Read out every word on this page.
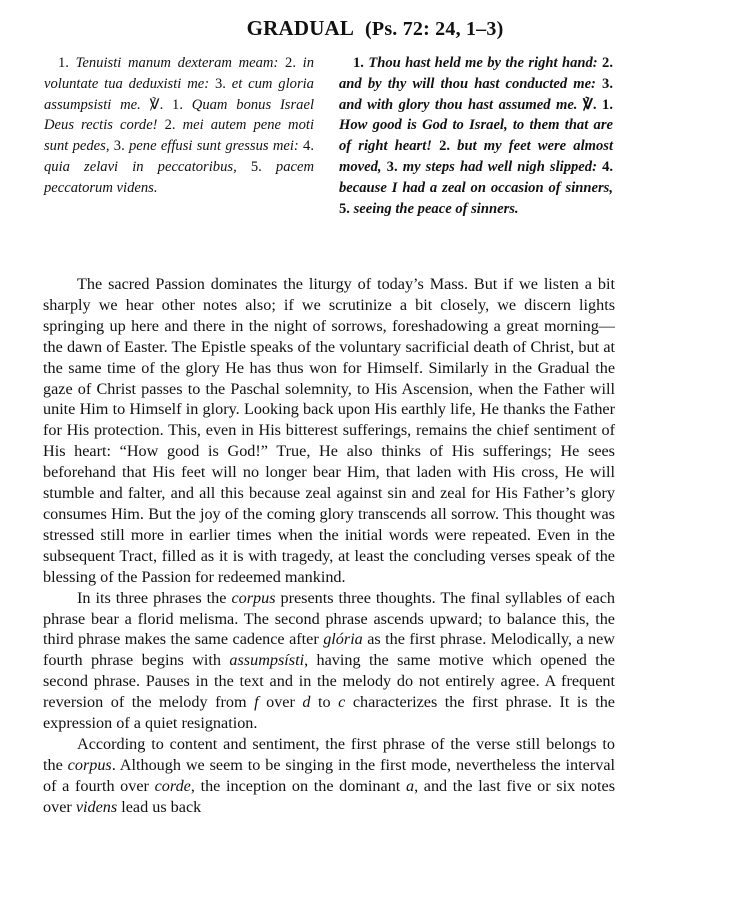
GRADUAL (Ps. 72: 24, 1–3)
1. Tenuisti manum dexteram meam: 2. in voluntate tua deduxisti me: 3. et cum gloria assumpsisti me. ℣. 1. Quam bonus Israel Deus rectis corde! 2. mei autem pene moti sunt pedes, 3. pene effusi sunt gressus mei: 4. quia zelavi in peccatoribus, 5. pacem peccatorum videns.
1. Thou hast held me by the right hand: 2. and by thy will thou hast conducted me: 3. and with glory thou hast assumed me. ℣. 1. How good is God to Israel, to them that are of right heart! 2. but my feet were almost moved, 3. my steps had well nigh slipped: 4. because I had a zeal on occasion of sinners, 5. seeing the peace of sinners.

The sacred Passion dominates the liturgy of today’s Mass. But if we listen a bit sharply we hear other notes also; if we scrutinize a bit closely, we discern lights springing up here and there in the night of sorrows, foreshadowing a great morning—the dawn of Easter. The Epistle speaks of the voluntary sacrificial death of Christ, but at the same time of the glory He has thus won for Himself. Similarly in the Gradual the gaze of Christ passes to the Paschal solemnity, to His Ascension, when the Father will unite Him to Himself in glory. Looking back upon His earthly life, He thanks the Father for His protection. This, even in His bitterest sufferings, remains the chief sentiment of His heart: “How good is God!” True, He also thinks of His sufferings; He sees beforehand that His feet will no longer bear Him, that laden with His cross, He will stumble and falter, and all this because zeal against sin and zeal for His Father’s glory consumes Him. But the joy of the coming glory transcends all sorrow. This thought was stressed still more in earlier times when the initial words were repeated. Even in the subsequent Tract, filled as it is with tragedy, at least the concluding verses speak of the blessing of the Passion for redeemed mankind.

In its three phrases the corpus presents three thoughts. The final syllables of each phrase bear a florid melisma. The second phrase ascends upward; to balance this, the third phrase makes the same cadence after glória as the first phrase. Melodically, a new fourth phrase begins with assumpsísti, having the same motive which opened the second phrase. Pauses in the text and in the melody do not entirely agree. A frequent reversion of the melody from f over d to c characterizes the first phrase. It is the expression of a quiet resignation.

According to content and sentiment, the first phrase of the verse still belongs to the corpus. Although we seem to be singing in the first mode, nevertheless the interval of a fourth over corde, the inception on the dominant a, and the last five or six notes over videns lead us back
